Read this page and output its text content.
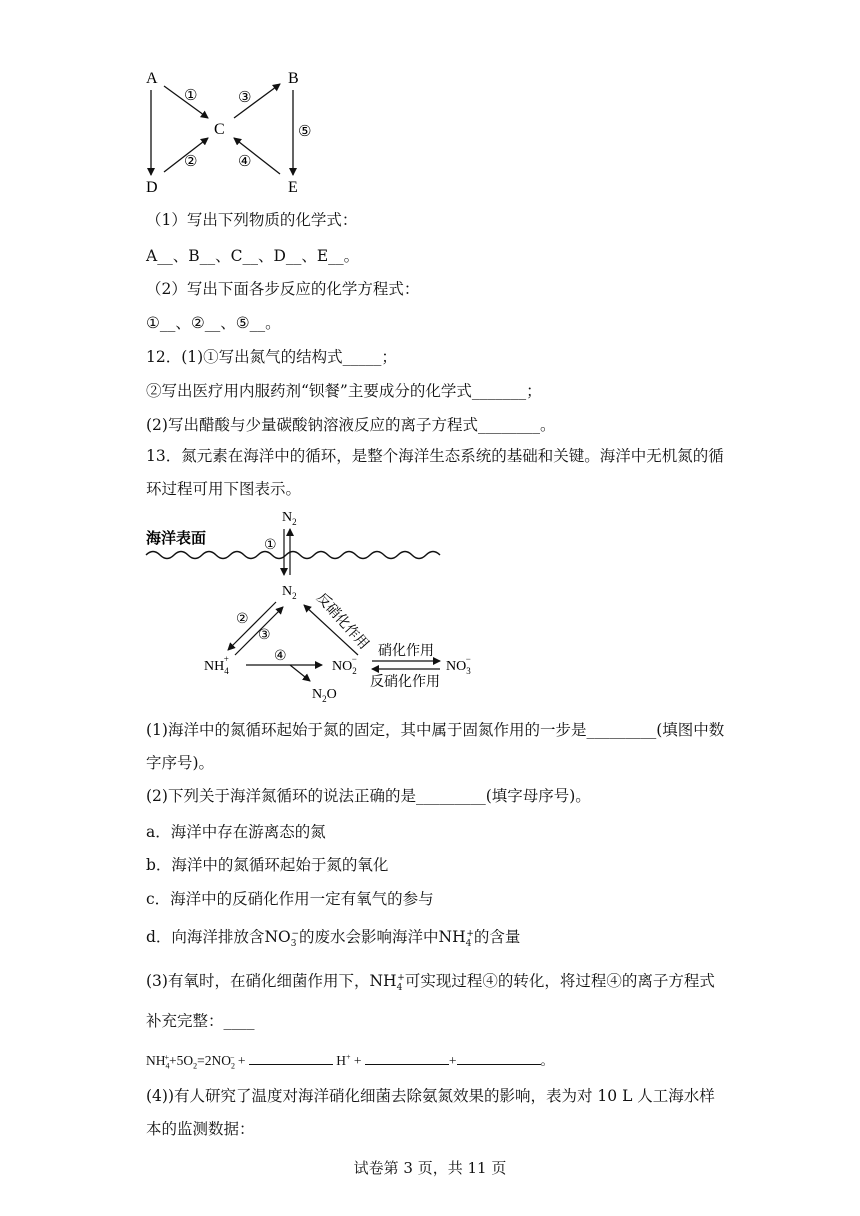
A	B
C
D	E
①
②
③
④
⑤
（1）写出下列物质的化学式：
A__、B__、C__、D__、E__。
（2）写出下面各步反应的化学方程式：
①__、②__、⑤__。
12．(1)①写出氮气的结构式_____；
②写出医疗用内服药剂“钡餐”主要成分的化学式_______；
(2)写出醋酸与少量碳酸钠溶液反应的离子方程式________。
13．氮元素在海洋中的循环，是整个海洋生态系统的基础和关键。海洋中无机氮的循环过程可用下图表示。
海洋表面
$N_2$
①
$N_2$
②
③	反硝化作用
$NH_4+$	④
$N_2O$
$NO_2-$ 硝化作用
反硝化作用
$NO_3-$
(1)海洋中的氮循环起始于氮的固定，其中属于固氮作用的一步是_________(填图中数字序号)。
(2)下列关于海洋氮循环的说法正确的是_________(填字母序号)。
a．海洋中存在游离态的氮
b．海洋中的氮循环起始于氮的氧化
c．海洋中的反硝化作用一定有氧气的参与
d．向海洋排放含$NO_3^-$的废水会影响海洋中$NH_4^+$的含量
(3)有氧时，在硝化细菌作用下，$NH_4^+$可实现过程④的转化，将过程④的离子方程式补充完整：____
$NH_4^++5O_2=2NO_2^-$ +	H+ +	+	。
(4))有人研究了温度对海洋硝化细菌去除氨氮效果的影响，表为对 10 L 人工海水样本的监测数据：
试卷第 3 页，共 11 页
